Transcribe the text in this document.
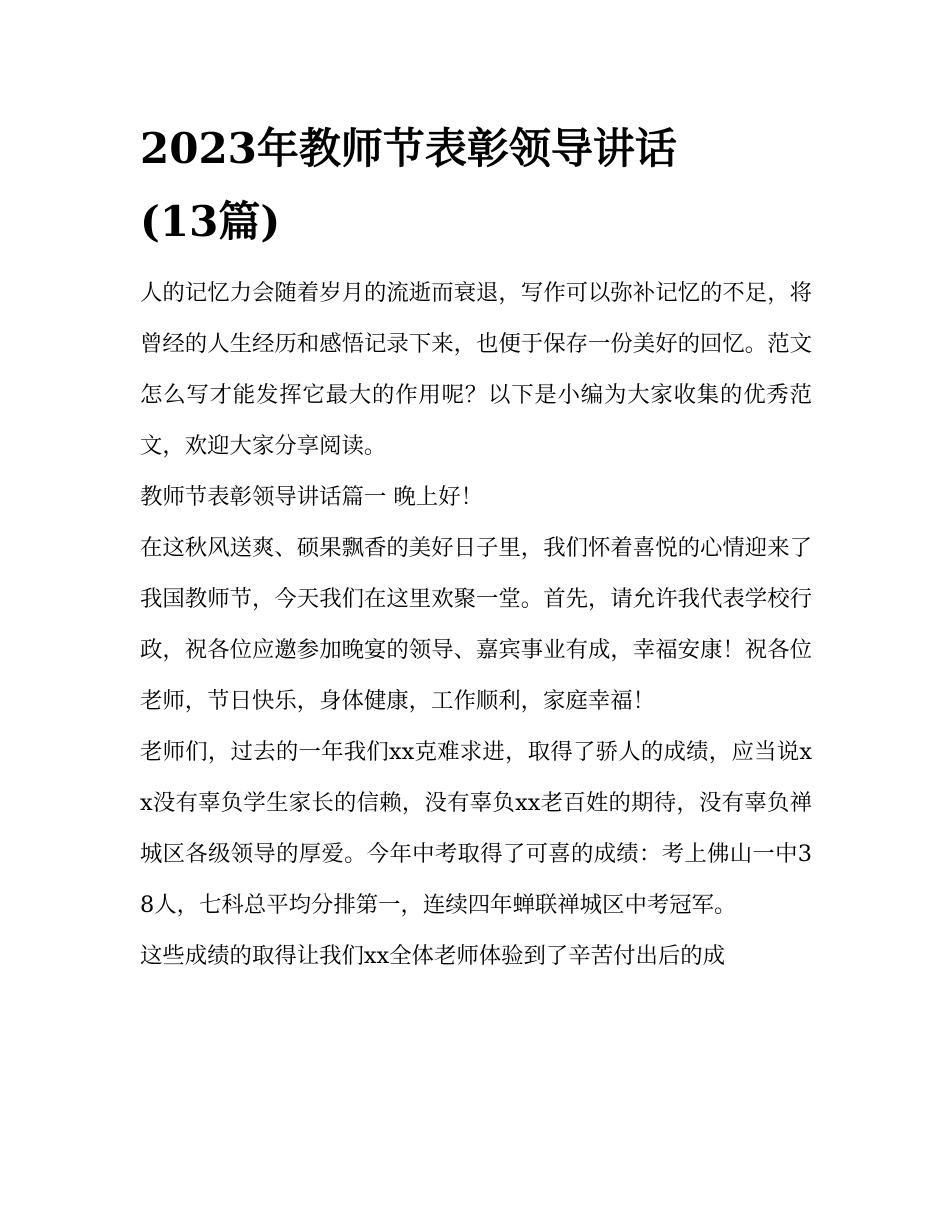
2023年教师节表彰领导讲话
(13篇)

人的记忆力会随着岁月的流逝而衰退，写作可以弥补记忆的不足，将曾经的人生经历和感悟记录下来，也便于保存一份美好的回忆。范文怎么写才能发挥它最大的作用呢？以下是小编为大家收集的优秀范文，欢迎大家分享阅读。

教师节表彰领导讲话篇一 晚上好！

在这秋风送爽、硕果飘香的美好日子里，我们怀着喜悦的心情迎来了我国教师节，今天我们在这里欢聚一堂。首先，请允许我代表学校行政，祝各位应邀参加晚宴的领导、嘉宾事业有成，幸福安康！祝各位老师，节日快乐，身体健康，工作顺利，家庭幸福！

老师们，过去的一年我们xx克难求进，取得了骄人的成绩，应当说xx没有辜负学生家长的信赖，没有辜负xx老百姓的期待，没有辜负禅城区各级领导的厚爱。今年中考取得了可喜的成绩：考上佛山一中38人，七科总平均分排第一，连续四年蝉联禅城区中考冠军。

这些成绩的取得让我们xx全体老师体验到了辛苦付出后的成
